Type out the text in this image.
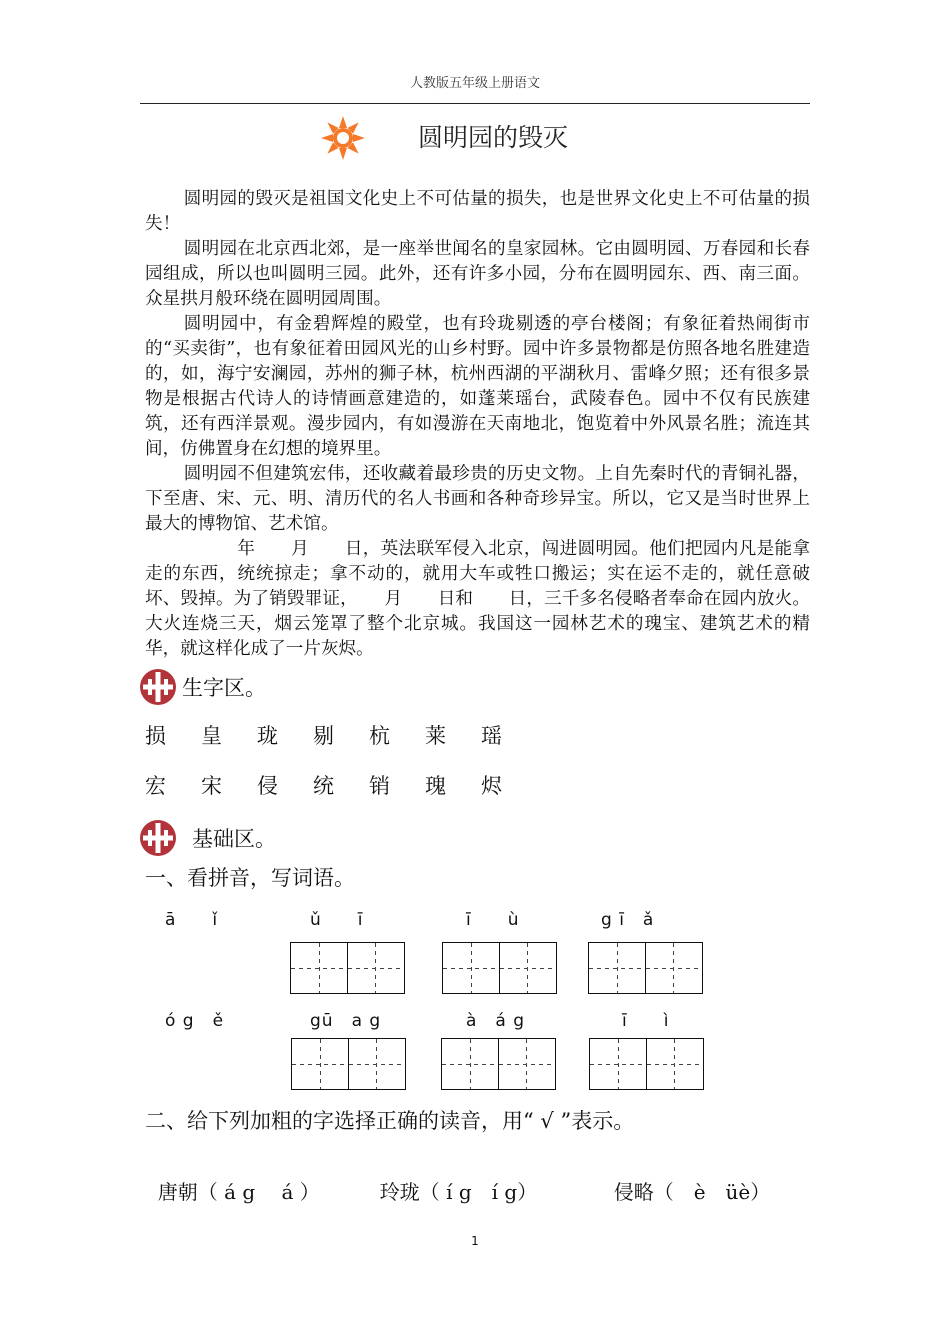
人教版五年级上册语文
圆明园的毁灭

圆明园的毁灭是祖国文化史上不可估量的损失，也是世界文化史上不可估量的损失！

圆明园在北京西北郊，是一座举世闻名的皇家园林。它由圆明园、万春园和长春园组成，所以也叫圆明三园。此外，还有许多小园，分布在圆明园东、西、南三面。众星拱月般环绕在圆明园周围。

圆明园中，有金碧辉煌的殿堂，也有玲珑剔透的亭台楼阁；有象征着热闹街市的“买卖街”，也有象征着田园风光的山乡村野。园中许多景物都是仿照各地名胜建造的，如，海宁安澜园，苏州的狮子林，杭州西湖的平湖秋月、雷峰夕照；还有很多景物是根据古代诗人的诗情画意建造的，如蓬莱瑶台，武陵春色。园中不仅有民族建筑，还有西洋景观。漫步园内，有如漫游在天南地北，饱览着中外风景名胜；流连其间，仿佛置身在幻想的境界里。

圆明园不但建筑宏伟，还收藏着最珍贵的历史文物。上自先秦时代的青铜礼器，下至唐、宋、元、明、清历代的名人书画和各种奇珍异宝。所以，它又是当时世界上最大的博物馆、艺术馆。

　　　年　　月　　日，英法联军侵入北京，闯进圆明园。他们把园内凡是能拿走的东西，统统掠走；拿不动的，就用大车或牲口搬运；实在运不走的，就任意破坏、毁掉。为了销毁罪证，　　月　　日和　　日，三千多名侵略者奉命在园内放火。大火连烧三天，烟云笼罩了整个北京城。我国这一园林艺术的瑰宝、建筑艺术的精华，就这样化成了一片灰烬。

生字区。
损	皇	珑	剔	杭	莱	瑶
宏	宋	侵	统	销	瑰	烬
基础区。
一、看拼音，写词语。
ā　　ǐ	ǔ　　ī	ī　　ù	g ī　ǎ
ó g　ě	gū　a g	à　á g	ī　　ì
二、给下列加粗的字选择正确的读音，用“ √ ”表示。

唐朝（ á g　 á ）	玲珑（ í g　í g）	侵略（　è　üè）

1
